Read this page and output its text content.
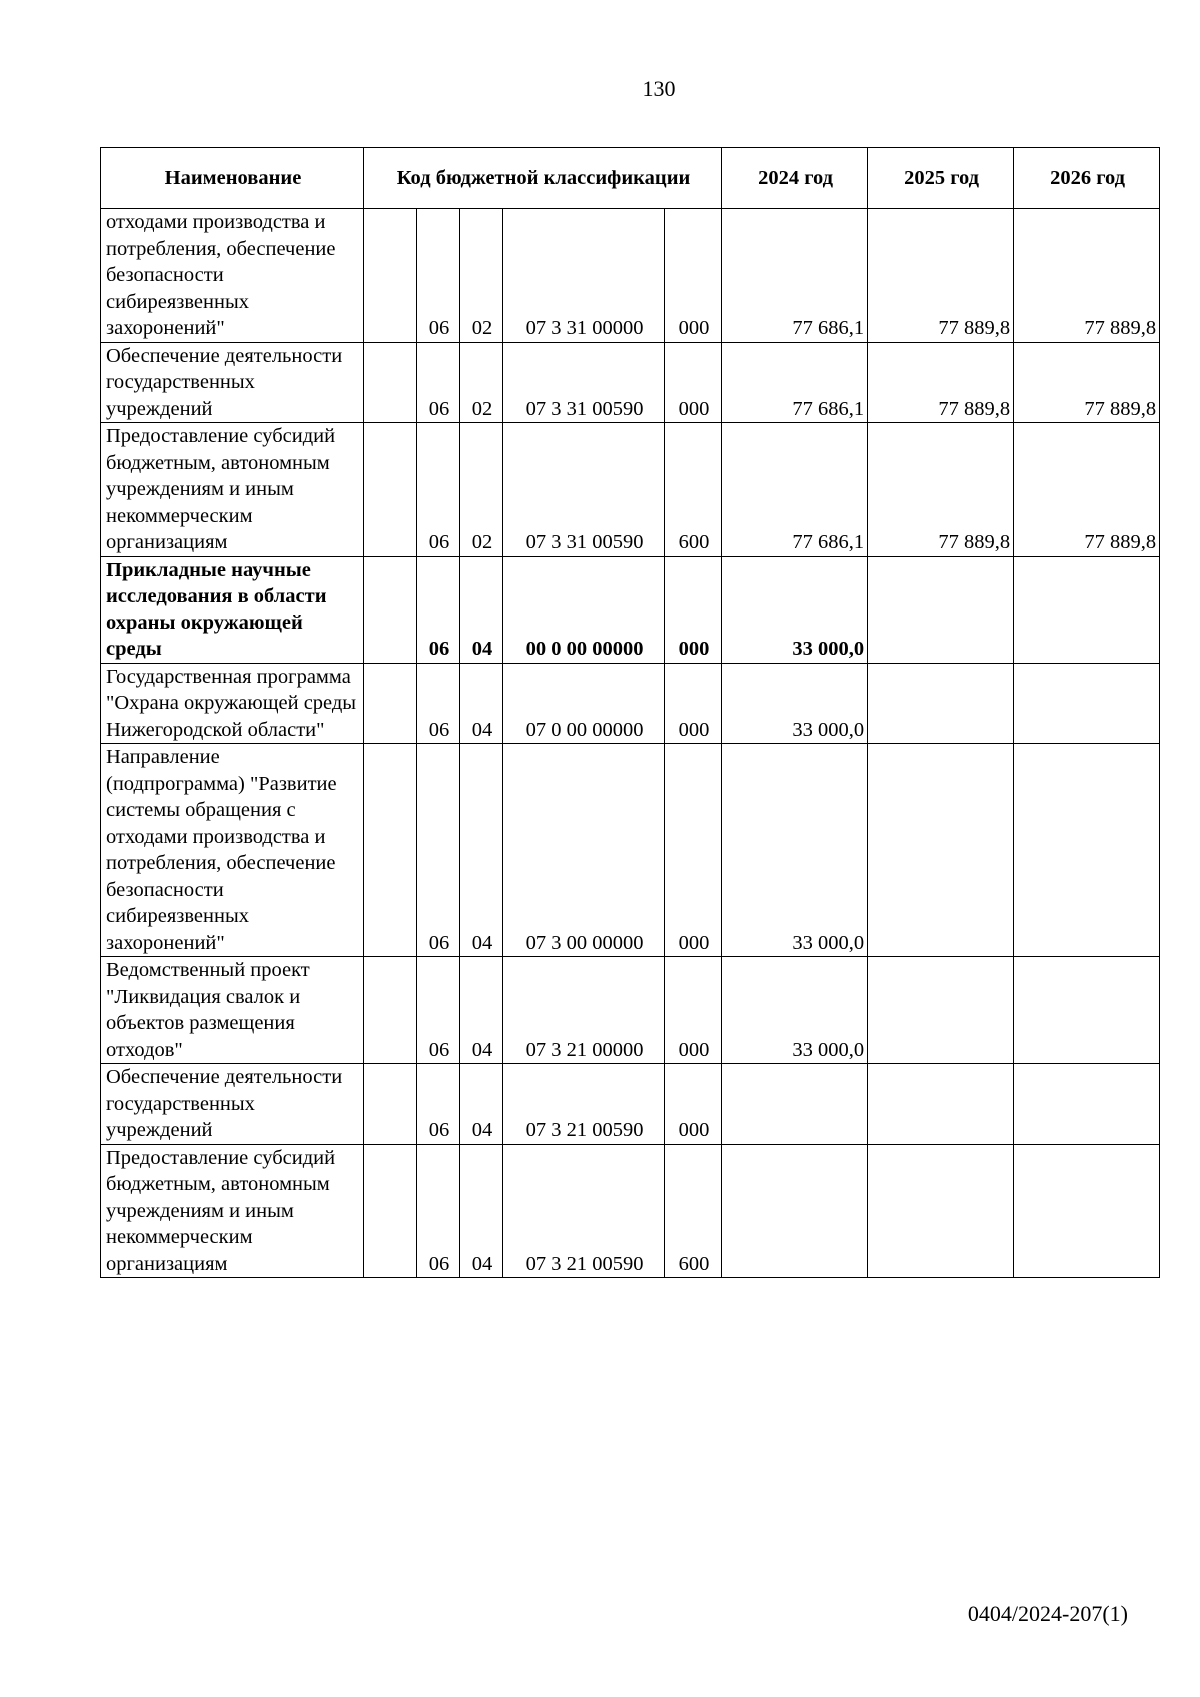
130
Наименование	Код бюджетной классификации					2024 год	2025 год	2026 год
отходами производства и потребления, обеспечение безопасности сибиреязвенных захоронений"		06	02	07 3 31 00000	000	77 686,1	77 889,8	77 889,8
Обеспечение деятельности государственных учреждений		06	02	07 3 31 00590	000	77 686,1	77 889,8	77 889,8
Предоставление субсидий бюджетным, автономным учреждениям и иным некоммерческим организациям		06	02	07 3 31 00590	600	77 686,1	77 889,8	77 889,8
Прикладные научные исследования в области охраны окружающей среды		06	04	00 0 00 00000	000	33 000,0		
Государственная программа "Охрана окружающей среды Нижегородской области"		06	04	07 0 00 00000	000	33 000,0		
Направление (подпрограмма) "Развитие системы обращения с отходами производства и потребления, обеспечение безопасности сибиреязвенных захоронений"		06	04	07 3 00 00000	000	33 000,0		
Ведомственный проект "Ликвидация свалок и объектов размещения отходов"		06	04	07 3 21 00000	000	33 000,0		
Обеспечение деятельности государственных учреждений		06	04	07 3 21 00590	000			
Предоставление субсидий бюджетным, автономным учреждениям и иным некоммерческим организациям		06	04	07 3 21 00590	600			
0404/2024-207(1)
